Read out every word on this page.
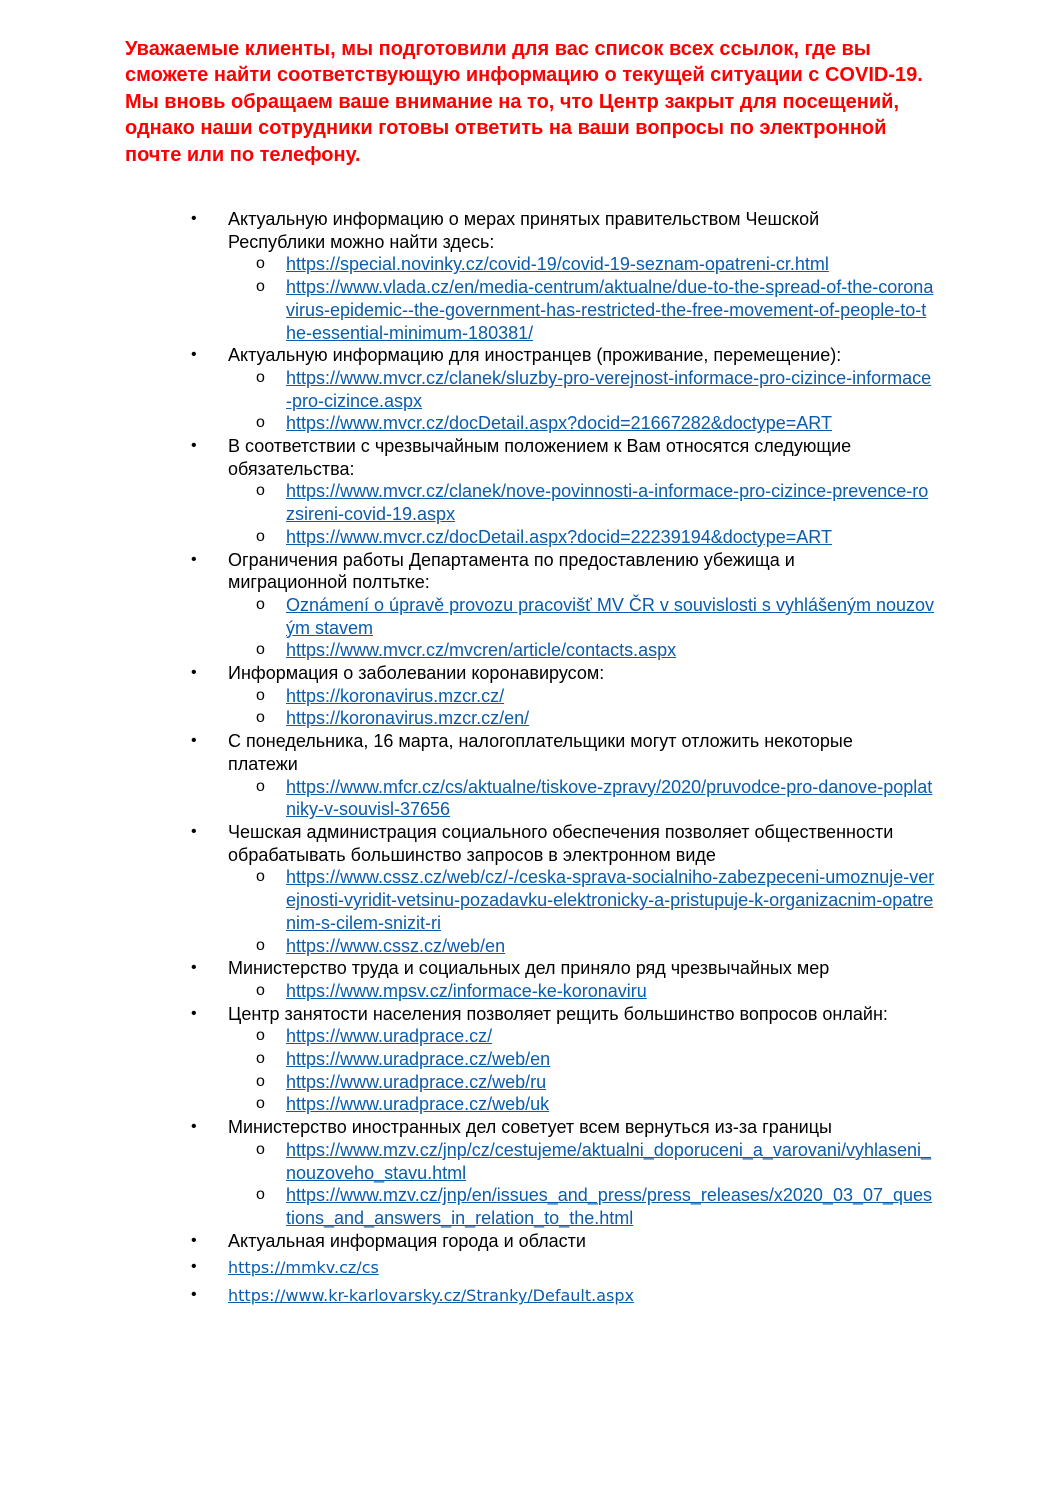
Уважаемые клиенты, мы подготовили для вас список всех ссылок, где вы сможете найти соответствующую информацию о текущей ситуации с COVID-19.

Мы вновь обращаем ваше внимание на то, что Центр закрыт для посещений, однако наши сотрудники готовы ответить на ваши вопросы по электронной почте или по телефону.

• Актуальную информацию о мерах принятых правительством Чешской Республики можно найти здесь:
o https://special.novinky.cz/covid-19/covid-19-seznam-opatreni-cr.html
o https://www.vlada.cz/en/media-centrum/aktualne/due-to-the-spread-of-the-coronavirus-epidemic--the-government-has-restricted-the-free-movement-of-people-to-the-essential-minimum-180381/
• Актуальную информацию для иностранцев (проживание, перемещение):
o https://www.mvcr.cz/clanek/sluzby-pro-verejnost-informace-pro-cizince-informace-pro-cizince.aspx
o https://www.mvcr.cz/docDetail.aspx?docid=21667282&doctype=ART
• В соответствии с чрезвычайным положением к Вам относятся следующие обязательства:
o https://www.mvcr.cz/clanek/nove-povinnosti-a-informace-pro-cizince-prevence-rozsireni-covid-19.aspx
o https://www.mvcr.cz/docDetail.aspx?docid=22239194&doctype=ART
• Ограничения работы Департамента по предоставлению убежища и миграционной полтьтке:
o Oznámení o úpravě provozu pracovišť MV ČR v souvislosti s vyhlášeným nouzovým stavem
o https://www.mvcr.cz/mvcren/article/contacts.aspx
• Информация о заболевании коронавирусом:
o https://koronavirus.mzcr.cz/
o https://koronavirus.mzcr.cz/en/
• С понедельника, 16 марта, налогоплательщики могут отложить некоторые платежи
o https://www.mfcr.cz/cs/aktualne/tiskove-zpravy/2020/pruvodce-pro-danove-poplatniky-v-souvisl-37656
• Чешская администрация социального обеспечения позволяет общественности обрабатывать большинство запросов в электронном виде
o https://www.cssz.cz/web/cz/-/ceska-sprava-socialniho-zabezpeceni-umoznuje-verejnosti-vyridit-vetsinu-pozadavku-elektronicky-a-pristupuje-k-organizacnim-opatrenim-s-cilem-snizit-ri
o https://www.cssz.cz/web/en
• Министерство труда и социальных дел приняло ряд чрезвычайных мер
o https://www.mpsv.cz/informace-ke-koronaviru
• Центр занятости населения позволяет рещить большинство вопросов онлайн:
o https://www.uradprace.cz/
o https://www.uradprace.cz/web/en
o https://www.uradprace.cz/web/ru
o https://www.uradprace.cz/web/uk
• Министерство иностранных дел советует всем вернуться из-за границы
o https://www.mzv.cz/jnp/cz/cestujeme/aktualni_doporuceni_a_varovani/vyhlaseni_nouzoveho_stavu.html
o https://www.mzv.cz/jnp/en/issues_and_press/press_releases/x2020_03_07_questions_and_answers_in_relation_to_the.html
• Актуальная информация города и области
• https://mmkv.cz/cs
• https://www.kr-karlovarsky.cz/Stranky/Default.aspx
